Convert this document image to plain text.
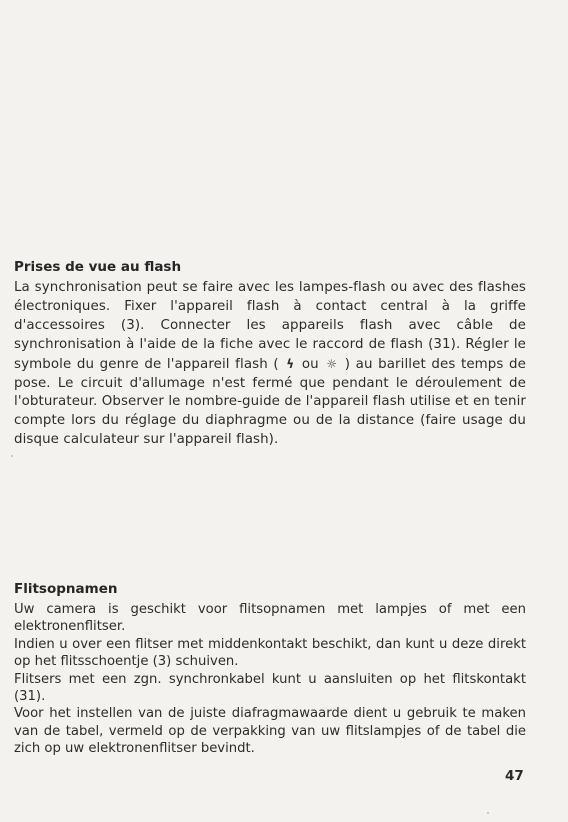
Prises de vue au flash

La synchronisation peut se faire avec les lampes-flash ou avec des flashes électroniques. Fixer l'appareil flash à contact central à la griffe d'accessoires (3). Connecter les appareils flash avec câble de synchronisation à l'aide de la fiche avec le raccord de flash (31). Régler le symbole du genre de l'appareil flash ( ϟ ou ☼ ) au barillet des temps de pose. Le circuit d'allumage n'est fermé que pendant le déroulement de l'obturateur. Observer le nombre-guide de l'appareil flash utilise et en tenir compte lors du réglage du diaphragme ou de la distance (faire usage du disque calculateur sur l'appareil flash).

Flitsopnamen

Uw camera is geschikt voor flitsopnamen met lampjes of met een elektronenflitser.

Indien u over een flitser met middenkontakt beschikt, dan kunt u deze direkt op het flitsschoentje (3) schuiven.

Flitsers met een zgn. synchronkabel kunt u aansluiten op het flitskontakt (31).

Voor het instellen van de juiste diafragmawaarde dient u gebruik te maken van de tabel, vermeld op de verpakking van uw flitslampjes of de tabel die zich op uw elektronenflitser bevindt.

47
